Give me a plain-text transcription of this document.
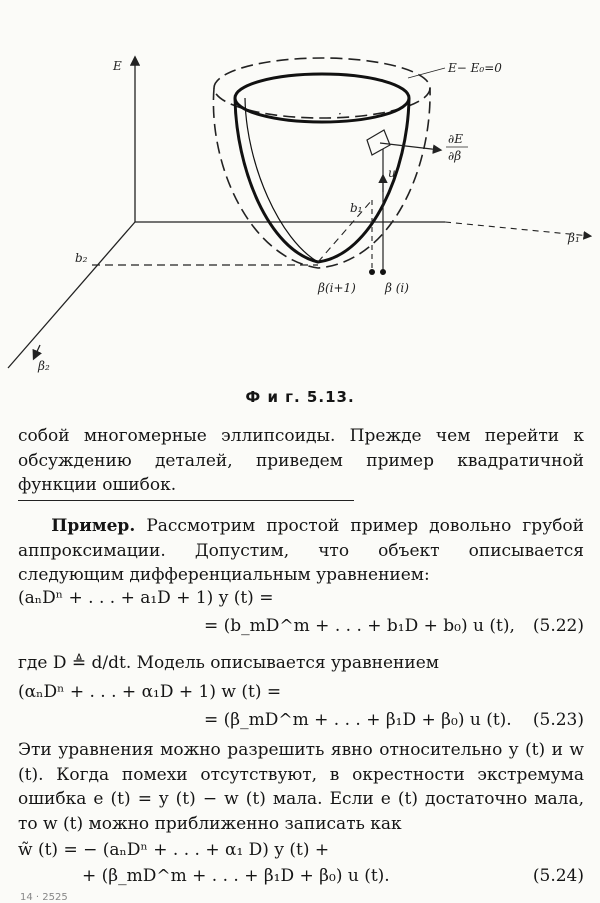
·
E	E− E₀=0
∂E
∂β
u
b₁
b₂
β₁
β₂
β(i+1) β (i)
Ф и г. 5.13.

собой многомерные эллипсоиды. Прежде чем перейти к обсуждению деталей, приведем пример квадратичной функции ошибок.

Пример. Рассмотрим простой пример довольно грубой аппроксимации. Допустим, что объект описывается следующим дифференциальным уравнением:

(aₙDⁿ + . . . + a₁D + 1) y (t) =
= (b_mD^m + . . . + b₁D + b₀) u (t), (5.22)
где D ≜ d/dt. Модель описывается уравнением
(αₙDⁿ + . . . + α₁D + 1) w (t) =
= (β_mD^m + . . . + β₁D + β₀) u (t). (5.23)

Эти уравнения можно разрешить явно относительно y (t) и w (t). Когда помехи отсутствуют, в окрестности экстремума ошибка e (t) = y (t) − w (t) мала. Если e (t) достаточно мала, то w (t) можно приближенно записать как

w̃ (t) = − (aₙDⁿ + . . . + α₁ D) y (t) +
+ (β_mD^m + . . . + β₁D + β₀) u (t).	(5.24)
14 · 2525
